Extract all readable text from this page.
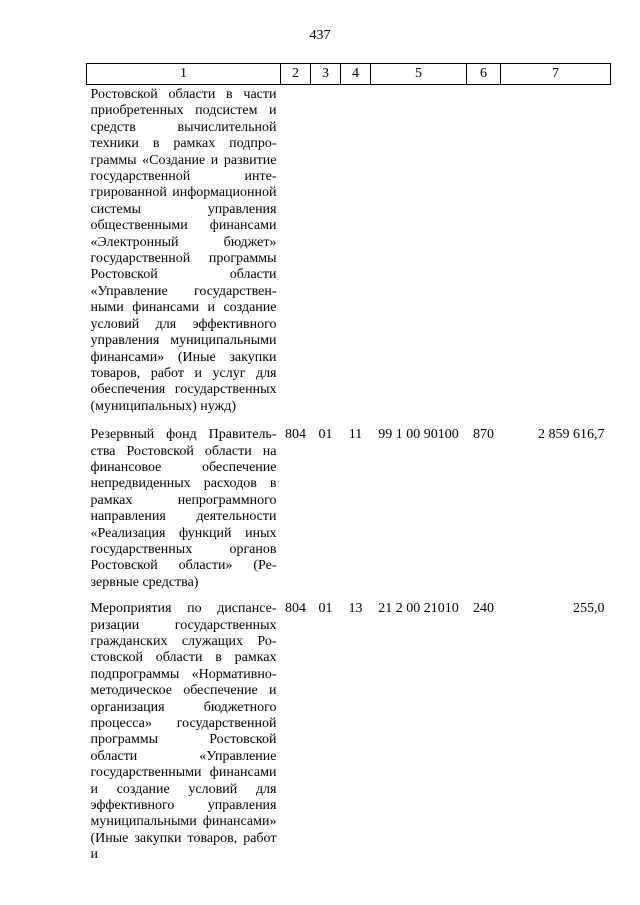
437
1	2	3	4	5	6	7
Ростовской области в части приобретенных подсистем и средств вычислительной техники в рамках подпрограммы «Создание и развитие государственной интегрированной информационной системы управления общественными финансами «Электронный бюджет» государственной программы Ростовской области «Управление государственными финансами и создание условий для эффективного управления муниципальными финансами» (Иные закупки товаров, работ и услуг для обеспечения государственных (муниципальных) нужд)						
Резервный фонд Правительства Ростовской области на финансовое обеспечение непредвиденных расходов в рамках непрограммного направления деятельности «Реализация функций иных государственных органов Ростовской области» (Резервные средства)	804	01	11	99 1 00 90100	870	2 859 616,7
Мероприятия по диспансеризации государственных гражданских служащих Ростовской области в рамках подпрограммы «Нормативно-методическое обеспечение и организация бюджетного процесса» государственной программы Ростовской области «Управление государственными финансами и создание условий для эффективного управления муниципальными финансами» (Иные закупки товаров, работ и	804	01	13	21 2 00 21010	240	255,0
